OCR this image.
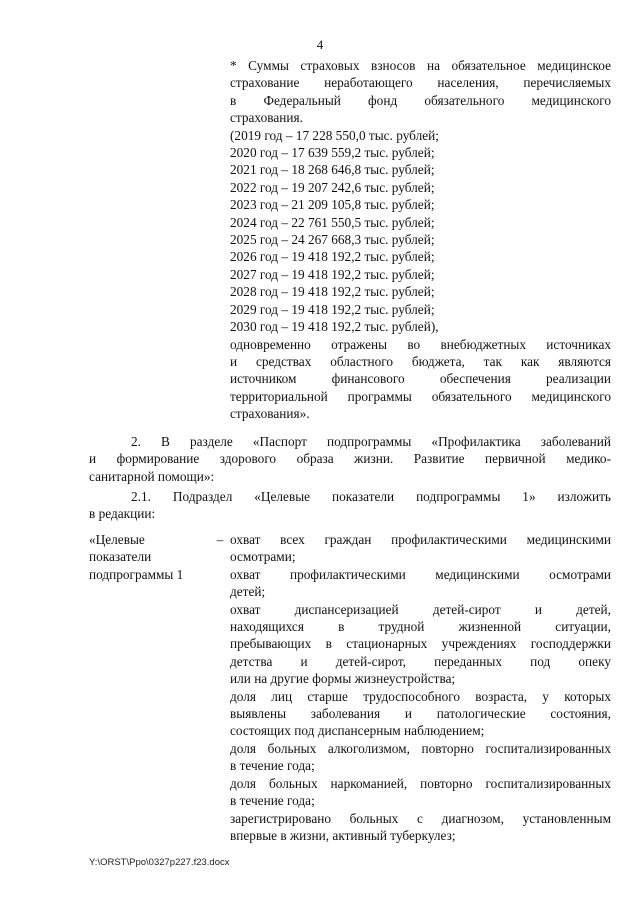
4
* Суммы страховых взносов на обязательное медицинское
страхование неработающего населения, перечисляемых
в Федеральный фонд обязательного медицинского
страхования.
(2019 год – 17 228 550,0 тыс. рублей;
2020 год – 17 639 559,2 тыс. рублей;
2021 год – 18 268 646,8 тыс. рублей;
2022 год – 19 207 242,6 тыс. рублей;
2023 год – 21 209 105,8 тыс. рублей;
2024 год – 22 761 550,5 тыс. рублей;
2025 год – 24 267 668,3 тыс. рублей;
2026 год – 19 418 192,2 тыс. рублей;
2027 год – 19 418 192,2 тыс. рублей;
2028 год – 19 418 192,2 тыс. рублей;
2029 год – 19 418 192,2 тыс. рублей;
2030 год – 19 418 192,2 тыс. рублей),
одновременно отражены во внебюджетных источниках
и средствах областного бюджета, так как являются
источником финансового обеспечения реализации
территориальной программы обязательного медицинского
страхования».
2. В разделе «Паспорт подпрограммы «Профилактика заболеваний
и формирование здорового образа жизни. Развитие первичной медико-
санитарной помощи»:
2.1. Подраздел «Целевые показатели подпрограммы 1» изложить
в редакции:
«Целевые
показатели
подпрограммы 1
– охват всех граждан профилактическими медицинскими
осмотрами;
охват профилактическими медицинскими осмотрами
детей;
охват диспансеризацией детей-сирот и детей,
находящихся в трудной жизненной ситуации,
пребывающих в стационарных учреждениях господдержки
детства и детей-сирот, переданных под опеку
или на другие формы жизнеустройства;
доля лиц старше трудоспособного возраста, у которых
выявлены заболевания и патологические состояния,
состоящих под диспансерным наблюдением;
доля больных алкоголизмом, повторно госпитализированных
в течение года;
доля больных наркоманией, повторно госпитализированных
в течение года;
зарегистрировано больных с диагнозом, установленным
впервые в жизни, активный туберкулез;
Y:\ORST\Ppo\0327p227.f23.docx
